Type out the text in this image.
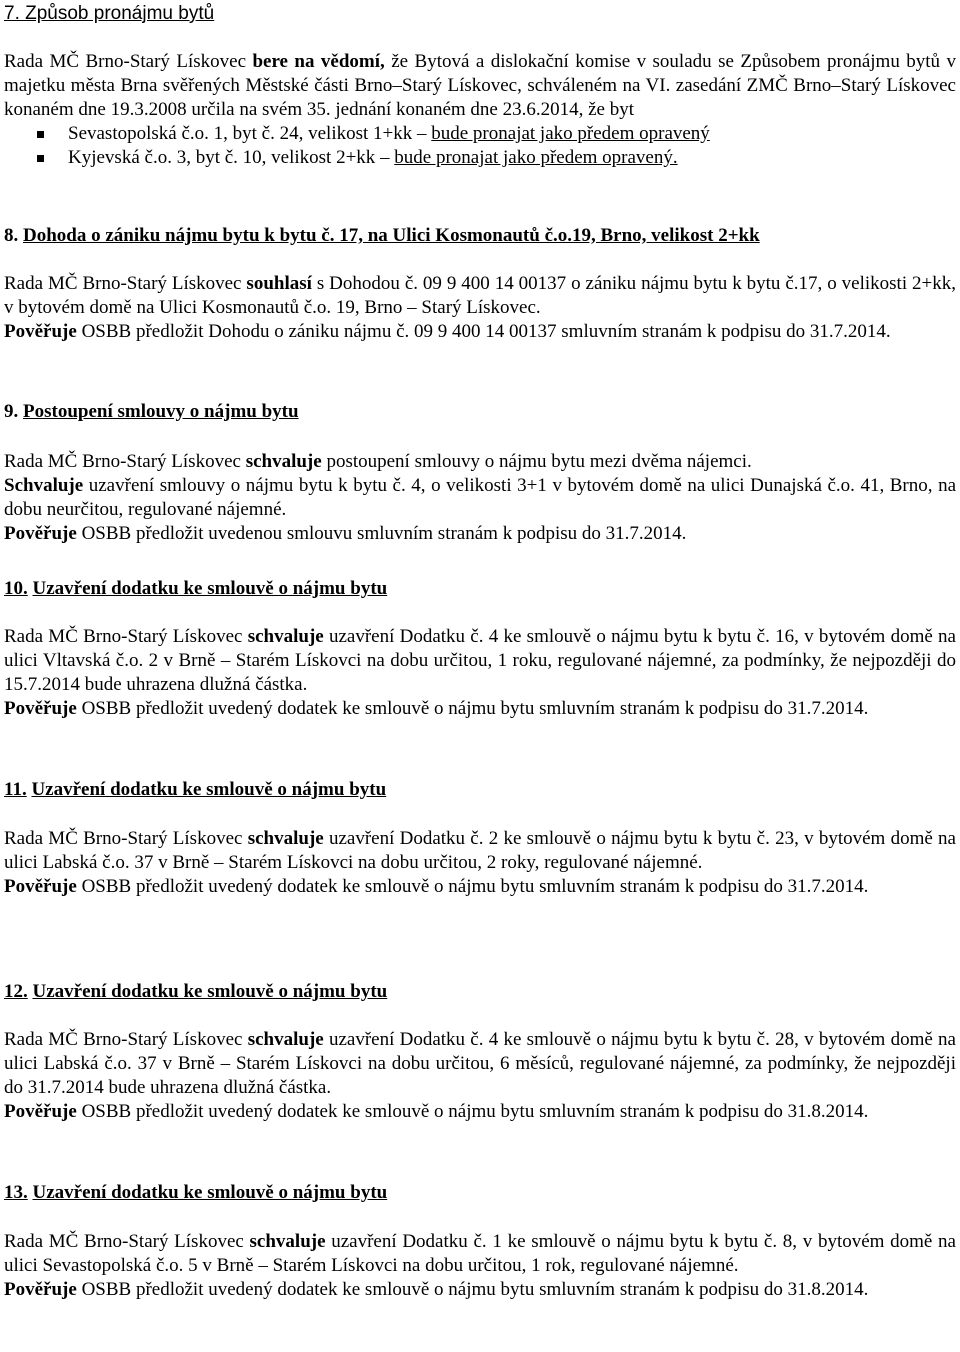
7. Způsob pronájmu bytů

Rada MČ Brno-Starý Lískovec bere na vědomí, že Bytová a dislokační komise v souladu se Způsobem pronájmu bytů v majetku města Brna svěřených Městské části Brno–Starý Lískovec, schváleném na VI. zasedání ZMČ Brno–Starý Lískovec konaném dne 19.3.2008 určila na svém 35. jednání konaném dne 23.6.2014, že byt

Sevastopolská č.o. 1, byt č. 24, velikost 1+kk – bude pronajat jako předem opravený
Kyjevská č.o. 3, byt č. 10, velikost 2+kk – bude pronajat jako předem opravený.
8. Dohoda o zániku nájmu bytu k bytu č. 17, na Ulici Kosmonautů č.o.19, Brno, velikost 2+kk

Rada MČ Brno-Starý Lískovec souhlasí s Dohodou č. 09 9 400 14 00137 o zániku nájmu bytu k bytu č.17, o velikosti 2+kk, v bytovém domě na Ulici Kosmonautů č.o. 19, Brno – Starý Lískovec.

Pověřuje OSBB předložit Dohodu o zániku nájmu č. 09 9 400 14 00137 smluvním stranám k podpisu do 31.7.2014.

9. Postoupení smlouvy o nájmu bytu

Rada MČ Brno-Starý Lískovec schvaluje postoupení smlouvy o nájmu bytu mezi dvěma nájemci.

Schvaluje uzavření smlouvy o nájmu bytu k bytu č. 4, o velikosti 3+1 v bytovém domě na ulici Dunajská č.o. 41, Brno, na dobu neurčitou, regulované nájemné.

Pověřuje OSBB předložit uvedenou smlouvu smluvním stranám k podpisu do 31.7.2014.

10. Uzavření dodatku ke smlouvě o nájmu bytu

Rada MČ Brno-Starý Lískovec schvaluje uzavření Dodatku č. 4 ke smlouvě o nájmu bytu k bytu č. 16, v bytovém domě na ulici Vltavská č.o. 2 v Brně – Starém Lískovci na dobu určitou, 1 roku, regulované nájemné, za podmínky, že nejpozději do 15.7.2014 bude uhrazena dlužná částka.

Pověřuje OSBB předložit uvedený dodatek ke smlouvě o nájmu bytu smluvním stranám k podpisu do 31.7.2014.

11. Uzavření dodatku ke smlouvě o nájmu bytu

Rada MČ Brno-Starý Lískovec schvaluje uzavření Dodatku č. 2 ke smlouvě o nájmu bytu k bytu č. 23, v bytovém domě na ulici Labská č.o. 37 v Brně – Starém Lískovci na dobu určitou, 2 roky, regulované nájemné.

Pověřuje OSBB předložit uvedený dodatek ke smlouvě o nájmu bytu smluvním stranám k podpisu do 31.7.2014.

12. Uzavření dodatku ke smlouvě o nájmu bytu

Rada MČ Brno-Starý Lískovec schvaluje uzavření Dodatku č. 4 ke smlouvě o nájmu bytu k bytu č. 28, v bytovém domě na ulici Labská č.o. 37 v Brně – Starém Lískovci na dobu určitou, 6 měsíců, regulované nájemné, za podmínky, že nejpozději do 31.7.2014 bude uhrazena dlužná částka.

Pověřuje OSBB předložit uvedený dodatek ke smlouvě o nájmu bytu smluvním stranám k podpisu do 31.8.2014.

13. Uzavření dodatku ke smlouvě o nájmu bytu

Rada MČ Brno-Starý Lískovec schvaluje uzavření Dodatku č. 1 ke smlouvě o nájmu bytu k bytu č. 8, v bytovém domě na ulici Sevastopolská č.o. 5 v Brně – Starém Lískovci na dobu určitou, 1 rok, regulované nájemné.

Pověřuje OSBB předložit uvedený dodatek ke smlouvě o nájmu bytu smluvním stranám k podpisu do 31.8.2014.
